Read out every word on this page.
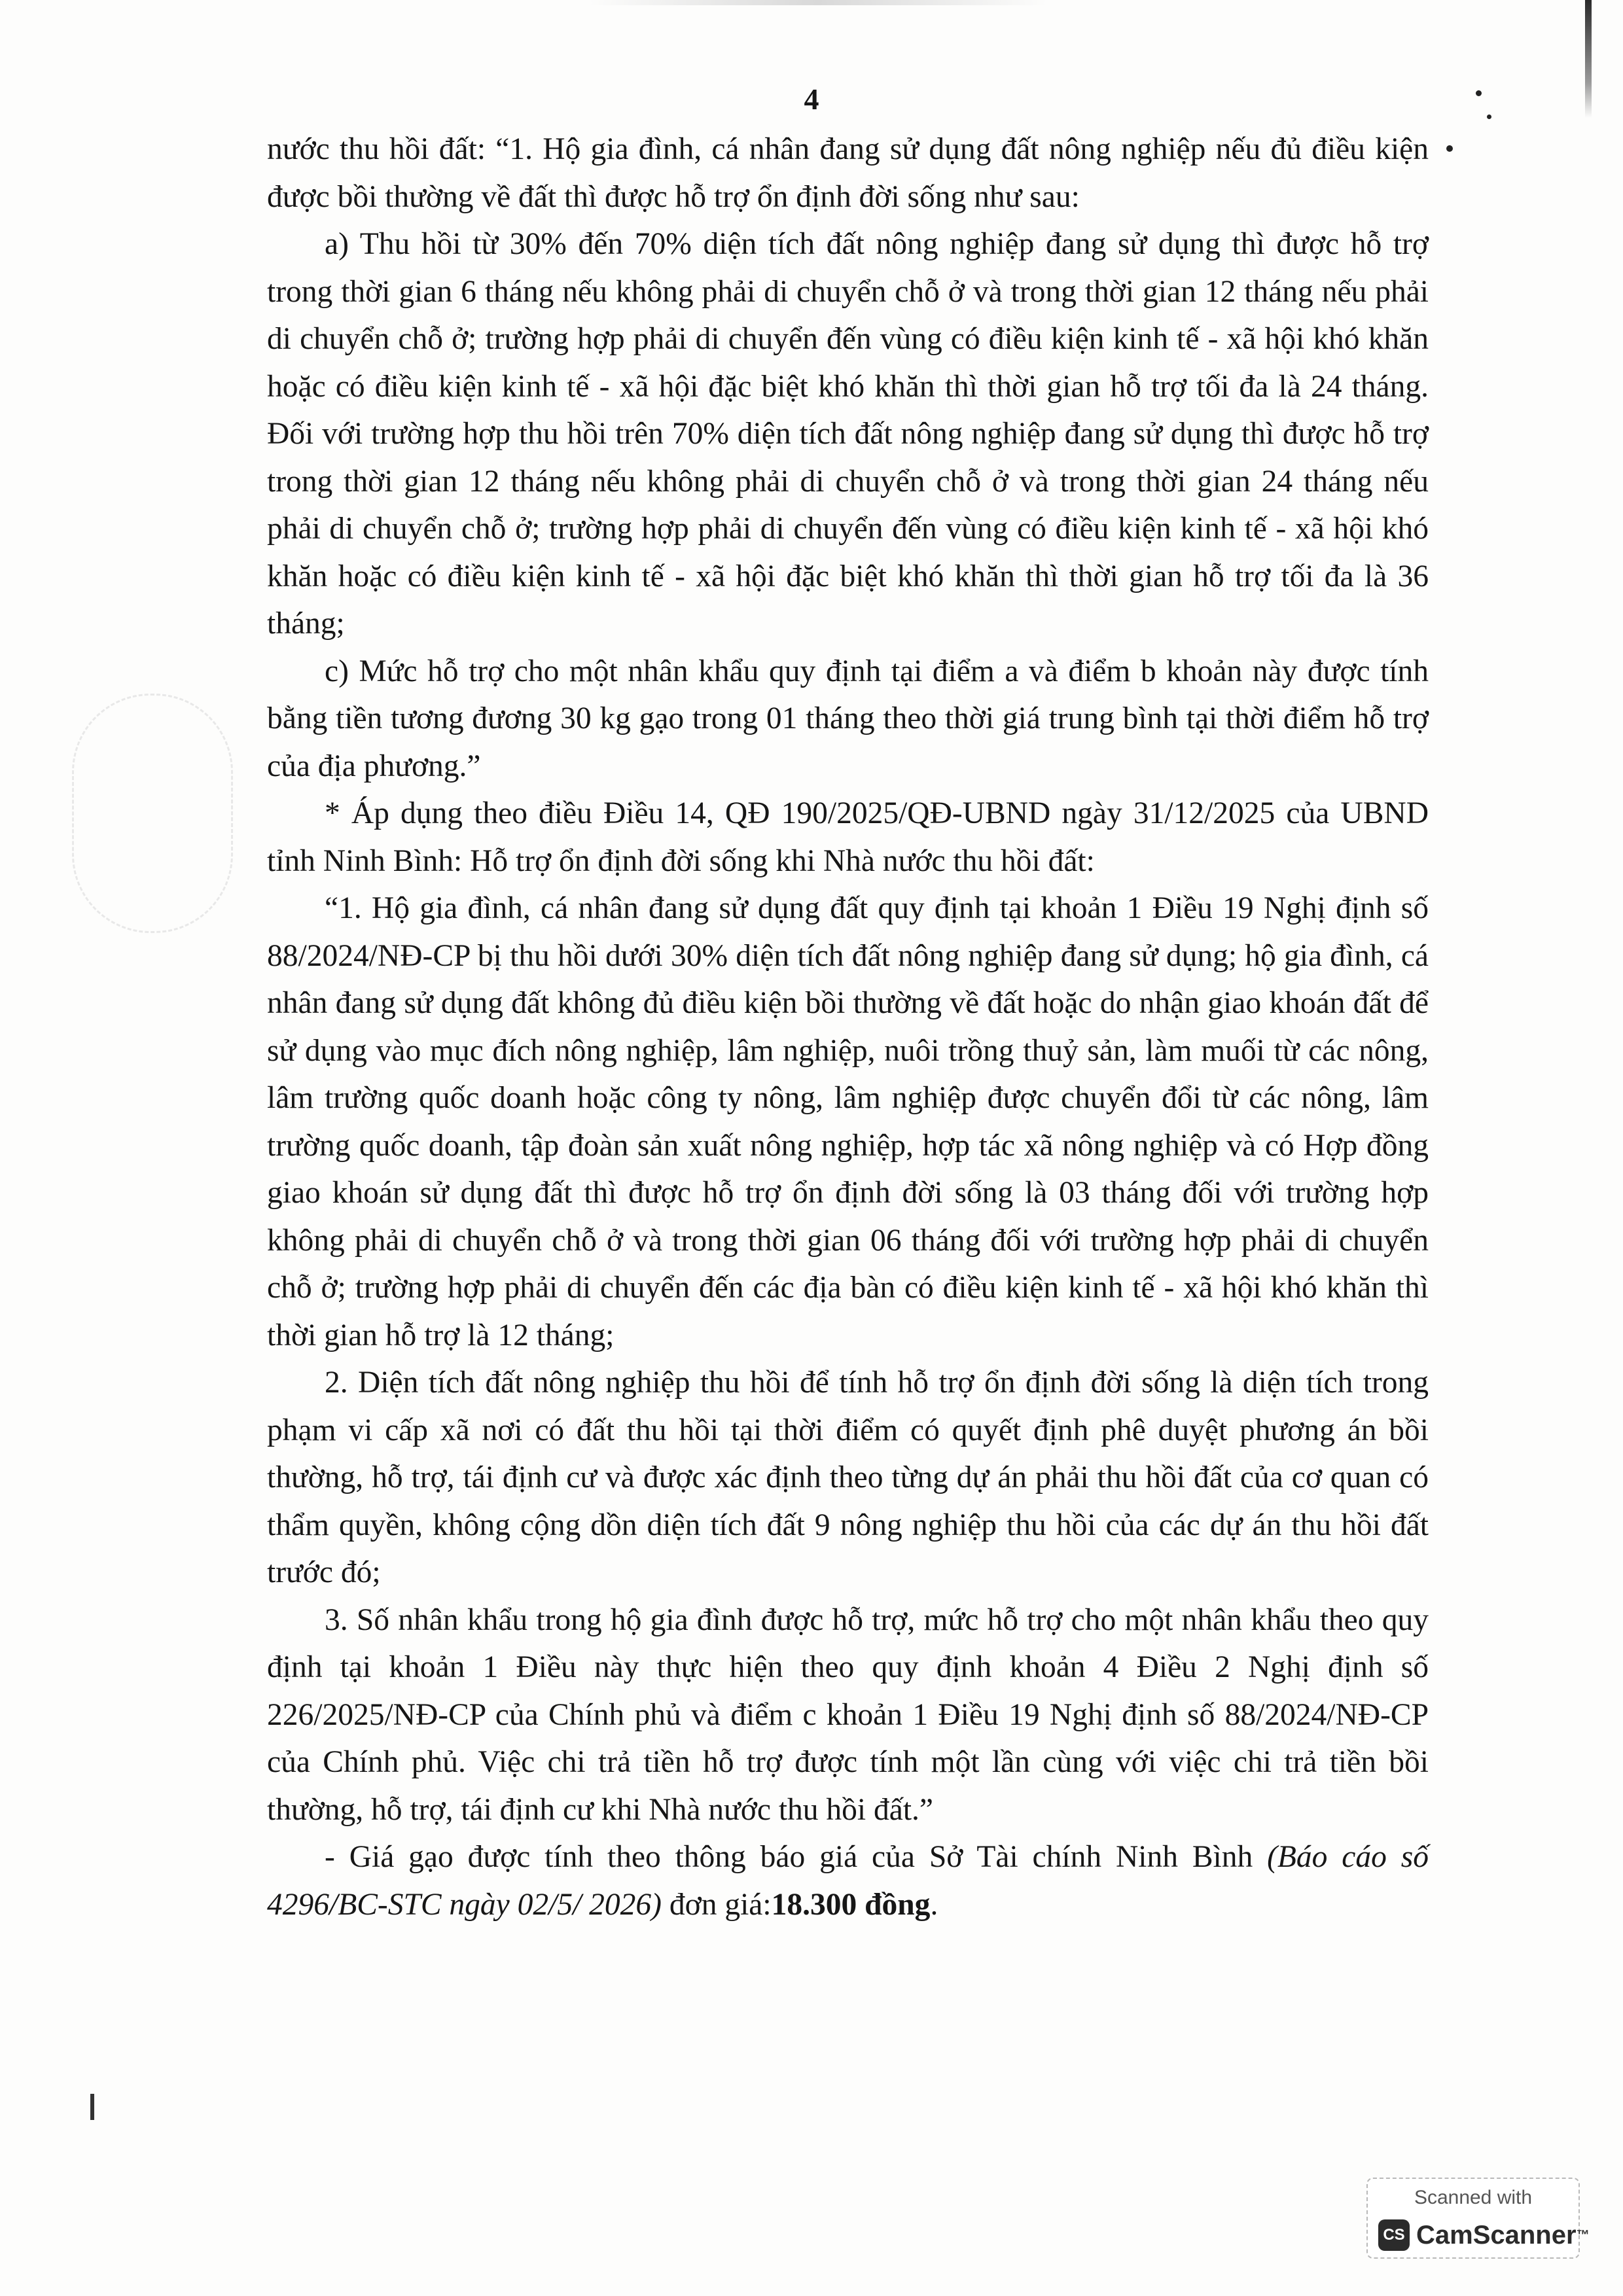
4

nước thu hồi đất: “1. Hộ gia đình, cá nhân đang sử dụng đất nông nghiệp nếu đủ điều kiện được bồi thường về đất thì được hỗ trợ ổn định đời sống như sau:

a) Thu hồi từ 30% đến 70% diện tích đất nông nghiệp đang sử dụng thì được hỗ trợ trong thời gian 6 tháng nếu không phải di chuyển chỗ ở và trong thời gian 12 tháng nếu phải di chuyển chỗ ở; trường hợp phải di chuyển đến vùng có điều kiện kinh tế - xã hội khó khăn hoặc có điều kiện kinh tế - xã hội đặc biệt khó khăn thì thời gian hỗ trợ tối đa là 24 tháng. Đối với trường hợp thu hồi trên 70% diện tích đất nông nghiệp đang sử dụng thì được hỗ trợ trong thời gian 12 tháng nếu không phải di chuyển chỗ ở và trong thời gian 24 tháng nếu phải di chuyển chỗ ở; trường hợp phải di chuyển đến vùng có điều kiện kinh tế - xã hội khó khăn hoặc có điều kiện kinh tế - xã hội đặc biệt khó khăn thì thời gian hỗ trợ tối đa là 36 tháng;

c) Mức hỗ trợ cho một nhân khẩu quy định tại điểm a và điểm b khoản này được tính bằng tiền tương đương 30 kg gạo trong 01 tháng theo thời giá trung bình tại thời điểm hỗ trợ của địa phương.”

* Áp dụng theo điều Điều 14, QĐ 190/2025/QĐ-UBND ngày 31/12/2025 của UBND tỉnh Ninh Bình: Hỗ trợ ổn định đời sống khi Nhà nước thu hồi đất:

“1. Hộ gia đình, cá nhân đang sử dụng đất quy định tại khoản 1 Điều 19 Nghị định số 88/2024/NĐ-CP bị thu hồi dưới 30% diện tích đất nông nghiệp đang sử dụng; hộ gia đình, cá nhân đang sử dụng đất không đủ điều kiện bồi thường về đất hoặc do nhận giao khoán đất để sử dụng vào mục đích nông nghiệp, lâm nghiệp, nuôi trồng thuỷ sản, làm muối từ các nông, lâm trường quốc doanh hoặc công ty nông, lâm nghiệp được chuyển đổi từ các nông, lâm trường quốc doanh, tập đoàn sản xuất nông nghiệp, hợp tác xã nông nghiệp và có Hợp đồng giao khoán sử dụng đất thì được hỗ trợ ổn định đời sống là 03 tháng đối với trường hợp không phải di chuyển chỗ ở và trong thời gian 06 tháng đối với trường hợp phải di chuyển chỗ ở; trường hợp phải di chuyển đến các địa bàn có điều kiện kinh tế - xã hội khó khăn thì thời gian hỗ trợ là 12 tháng;

2. Diện tích đất nông nghiệp thu hồi để tính hỗ trợ ổn định đời sống là diện tích trong phạm vi cấp xã nơi có đất thu hồi tại thời điểm có quyết định phê duyệt phương án bồi thường, hỗ trợ, tái định cư và được xác định theo từng dự án phải thu hồi đất của cơ quan có thẩm quyền, không cộng dồn diện tích đất 9 nông nghiệp thu hồi của các dự án thu hồi đất trước đó;

3. Số nhân khẩu trong hộ gia đình được hỗ trợ, mức hỗ trợ cho một nhân khẩu theo quy định tại khoản 1 Điều này thực hiện theo quy định khoản 4 Điều 2 Nghị định số 226/2025/NĐ-CP của Chính phủ và điểm c khoản 1 Điều 19 Nghị định số 88/2024/NĐ-CP của Chính phủ. Việc chi trả tiền hỗ trợ được tính một lần cùng với việc chi trả tiền bồi thường, hỗ trợ, tái định cư khi Nhà nước thu hồi đất.”

- Giá gạo được tính theo thông báo giá của Sở Tài chính Ninh Bình (Báo cáo số 4296/BC-STC ngày 02/5/ 2026) đơn giá:18.300 đồng.

Scanned with
CS CamScanner™
